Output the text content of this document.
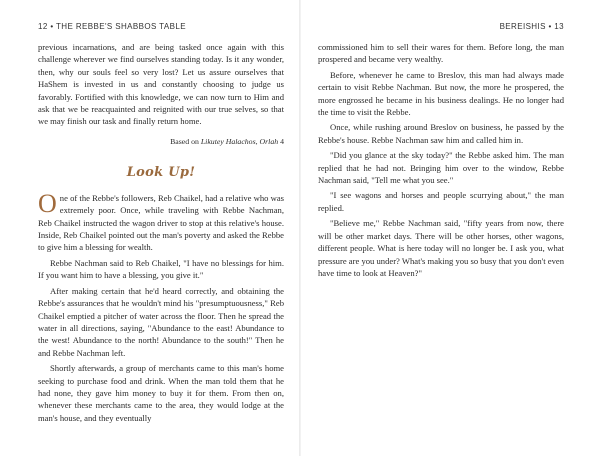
12 • THE REBBE'S SHABBOS TABLE

previous incarnations, and are being tasked once again with this challenge wherever we find ourselves standing today. Is it any wonder, then, why our souls feel so very lost? Let us assure ourselves that HaShem is invested in us and constantly choosing to judge us favorably. Fortified with this knowledge, we can now turn to Him and ask that we be reacquainted and reignited with our true selves, so that we may finish our task and finally return home.

Based on Likutey Halachos, Orlah 4
Look Up!

One of the Rebbe's followers, Reb Chaikel, had a relative who was extremely poor. Once, while traveling with Rebbe Nachman, Reb Chaikel instructed the wagon driver to stop at this relative's house. Inside, Reb Chaikel pointed out the man's poverty and asked the Rebbe to give him a blessing for wealth.

Rebbe Nachman said to Reb Chaikel, "I have no blessings for him. If you want him to have a blessing, you give it."

After making certain that he'd heard correctly, and obtaining the Rebbe's assurances that he wouldn't mind his "presumptuousness," Reb Chaikel emptied a pitcher of water across the floor. Then he spread the water in all directions, saying, "Abundance to the east! Abundance to the west! Abundance to the north! Abundance to the south!" Then he and Rebbe Nachman left.

Shortly afterwards, a group of merchants came to this man's home seeking to purchase food and drink. When the man told them that he had none, they gave him money to buy it for them. From then on, whenever these merchants came to the area, they would lodge at the man's house, and they eventually

BEREISHIS • 13

commissioned him to sell their wares for them. Before long, the man prospered and became very wealthy.

Before, whenever he came to Breslov, this man had always made certain to visit Rebbe Nachman. But now, the more he prospered, the more engrossed he became in his business dealings. He no longer had the time to visit the Rebbe.

Once, while rushing around Breslov on business, he passed by the Rebbe's house. Rebbe Nachman saw him and called him in.

"Did you glance at the sky today?" the Rebbe asked him. The man replied that he had not. Bringing him over to the window, Rebbe Nachman said, "Tell me what you see."

"I see wagons and horses and people scurrying about," the man replied.

"Believe me," Rebbe Nachman said, "fifty years from now, there will be other market days. There will be other horses, other wagons, different people. What is here today will no longer be. I ask you, what pressure are you under? What's making you so busy that you don't even have time to look at Heaven?"
